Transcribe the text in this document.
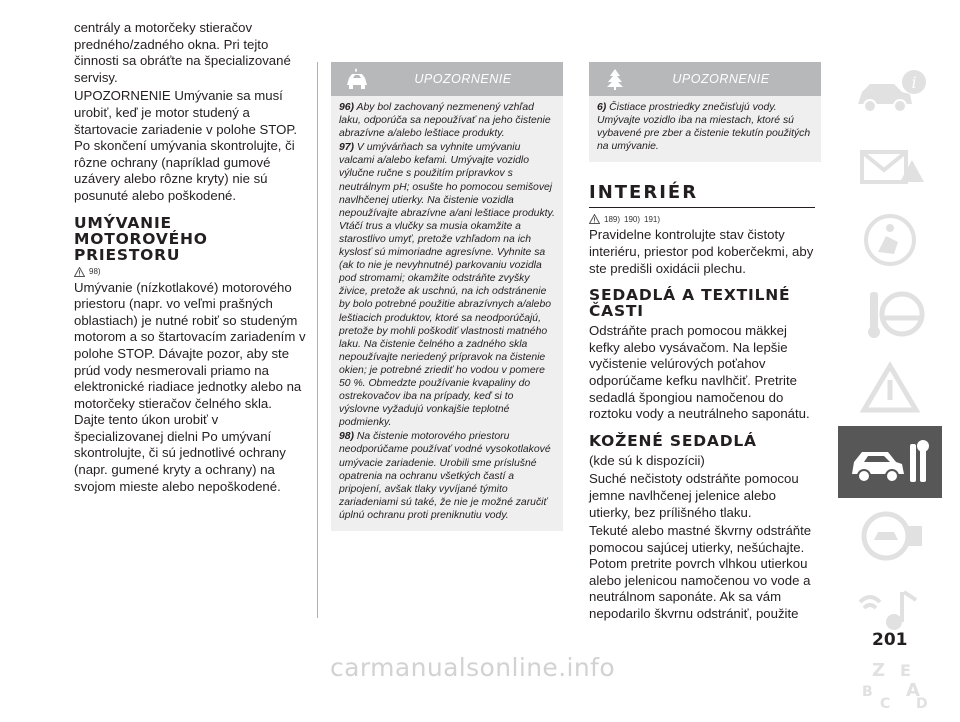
centrály a motorčeky stieračov predného/zadného okna. Pri tejto činnosti sa obráťte na špecializované servisy.

UPOZORNENIE Umývanie sa musí urobiť, keď je motor studený a štartovacie zariadenie v polohe STOP. Po skončení umývania skontrolujte, či rôzne ochrany (napríklad gumové uzávery alebo rôzne kryty) nie sú posunuté alebo poškodené.

UMÝVANIE MOTOROVÉHO PRIESTORU
98)

Umývanie (nízkotlakové) motorového priestoru (napr. vo veľmi prašných oblastiach) je nutné robiť so studeným motorom a so štartovacím zariadením v polohe STOP. Dávajte pozor, aby ste prúd vody nesmerovali priamo na elektronické riadiace jednotky alebo na motorčeky stieračov čelného skla. Dajte tento úkon urobiť v špecializovanej dielni Po umývaní skontrolujte, či sú jednotlivé ochrany (napr. gumené kryty a ochrany) na svojom mieste alebo nepoškodené.

UPOZORNENIE

96) Aby bol zachovaný nezmenený vzhľad laku, odporúča sa nepoužívať na jeho čistenie abrazívne a/alebo leštiace produkty.

97) V umývárňach sa vyhnite umývaniu valcami a/alebo kefami. Umývajte vozidlo výlučne ručne s použitím prípravkov s neutrálnym pH; osušte ho pomocou semišovej navlhčenej utierky. Na čistenie vozidla nepoužívajte abrazívne a/ani leštiace produkty. Vtáčí trus a vlučky sa musia okamžite a starostlivo umyť, pretože vzhľadom na ich kyslosť sú mimoriadne agresívne. Vyhnite sa (ak to nie je nevyhnutné) parkovaniu vozidla pod stromami; okamžite odstráňte zvyšky živice, pretože ak uschnú, na ich odstránenie by bolo potrebné použitie abrazívnych a/alebo leštiacich produktov, ktoré sa neodporúčajú, pretože by mohli poškodiť vlastnosti matného laku. Na čistenie čelného a zadného skla nepoužívajte neriedený prípravok na čistenie okien; je potrebné zriediť ho vodou v pomere 50 %. Obmedzte používanie kvapaliny do ostrekovačov iba na prípady, keď si to výslovne vyžadujú vonkajšie teplotné podmienky.

98) Na čistenie motorového priestoru neodporúčame používať vodné vysokotlakové umývacie zariadenie. Urobili sme príslušné opatrenia na ochranu všetkých častí a pripojení, avšak tlaky vyvíjané týmito zariadeniami sú také, že nie je možné zaručiť úplnú ochranu proti preniknutiu vody.

UPOZORNENIE

6) Čistiace prostriedky znečisťujú vody. Umývajte vozidlo iba na miestach, ktoré sú vybavené pre zber a čistenie tekutín použitých na umývanie.

INTERIÉR
189) 190) 191)

Pravidelne kontrolujte stav čistoty interiéru, priestor pod koberčekmi, aby ste predišli oxidácii plechu.

SEDADLÁ A TEXTILNÉ ČASTI

Odstráňte prach pomocou mäkkej kefky alebo vysávačom. Na lepšie vyčistenie velúrových poťahov odporúčame kefku navlhčiť. Pretrite sedadlá špongiou namočenou do roztoku vody a neutrálneho saponátu.

KOŽENÉ SEDADLÁ

(kde sú k dispozícii)

Suché nečistoty odstráňte pomocou jemne navlhčenej jelenice alebo utierky, bez prílišného tlaku.

Tekuté alebo mastné škvrny odstráňte pomocou sajúcej utierky, nešúchajte. Potom pretrite povrch vlhkou utierkou alebo jelenicou namočenou vo vode a neutrálnom saponáte. Ak sa vám nepodarilo škvrnu odstrániť, použite

i
Z E
B A
C D
201
carmanualsonline.info
